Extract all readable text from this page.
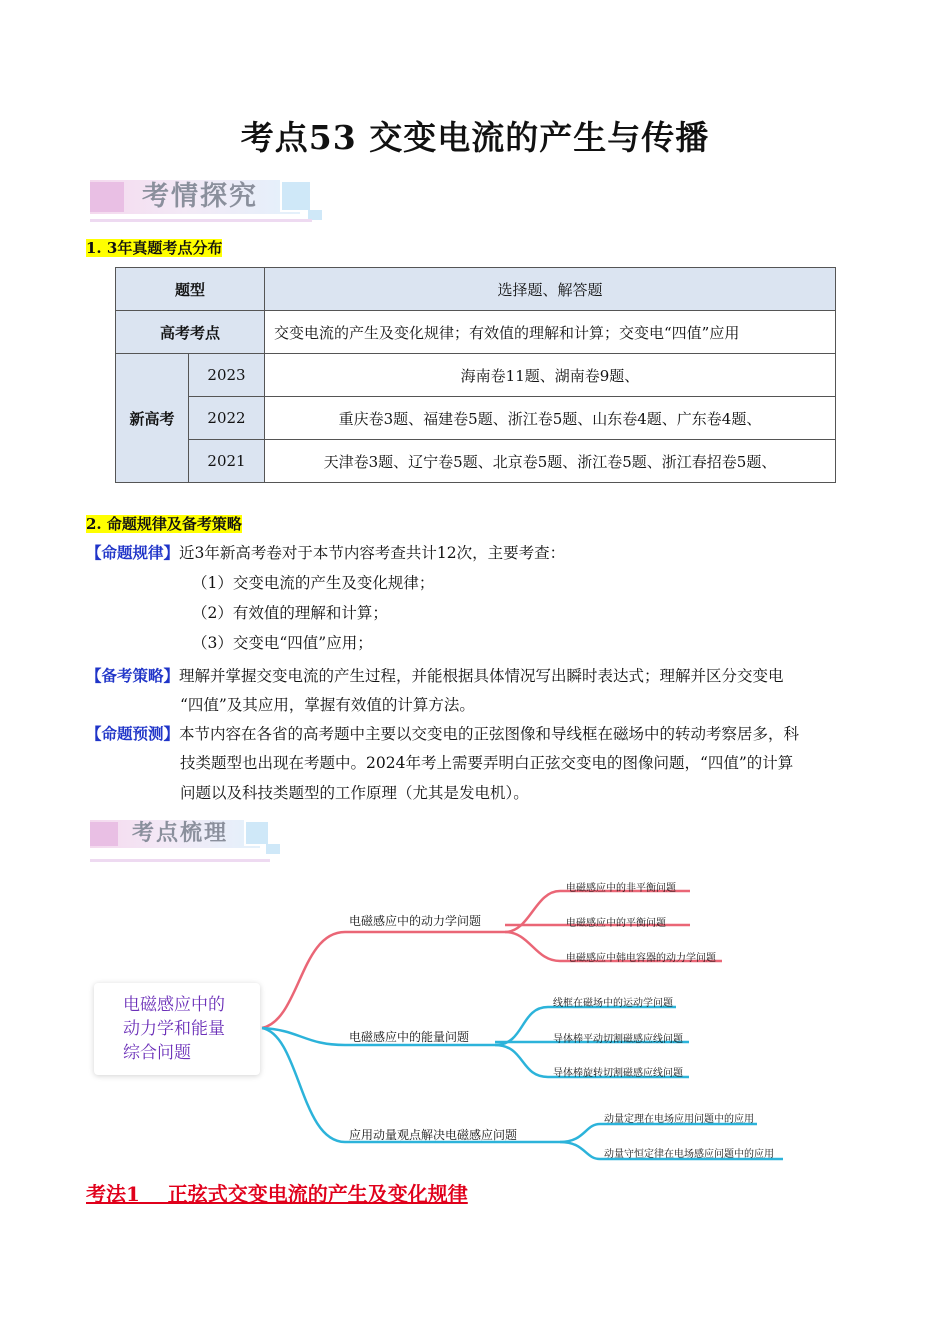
考点53 交变电流的产生与传播
考情探究
1. 3年真题考点分布
题型		选择题、解答题
高考考点		交变电流的产生及变化规律；有效值的理解和计算；交变电“四值”应用
新高考	2023	海南卷11题、湖南卷9题、
	2022	重庆卷3题、福建卷5题、浙江卷5题、山东卷4题、广东卷4题、
	2021	天津卷3题、辽宁卷5题、北京卷5题、浙江卷5题、浙江春招卷5题、
2. 命题规律及备考策略
【命题规律】近3年新高考卷对于本节内容考查共计12次，主要考查：
（1）交变电流的产生及变化规律；
（2）有效值的理解和计算；
（3）交变电“四值”应用；
【备考策略】理解并掌握交变电流的产生过程，并能根据具体情况写出瞬时表达式；理解并区分交变电
“四值”及其应用，掌握有效值的计算方法。
【命题预测】本节内容在各省的高考题中主要以交变电的正弦图像和导线框在磁场中的转动考察居多，科
技类题型也出现在考题中。2024年考上需要弄明白正弦交变电的图像问题，“四值”的计算
问题以及科技类题型的工作原理（尤其是发电机）。
考点梳理
电磁感应中的
动力学和能量
综合问题
电磁感应中的动力学问题
电磁感应中的非平衡问题
电磁感应中的平衡问题
电磁感应中韩电容器的动力学问题
电磁感应中的能量问题
线框在磁场中的运动学问题
导体棒平动切割磁感应线问题
导体棒旋转切割磁感应线问题
应用动量观点解决电磁感应问题
动量定理在电场应用问题中的应用
动量守恒定律在电场感应问题中的应用
考法1    正弦式交变电流的产生及变化规律
